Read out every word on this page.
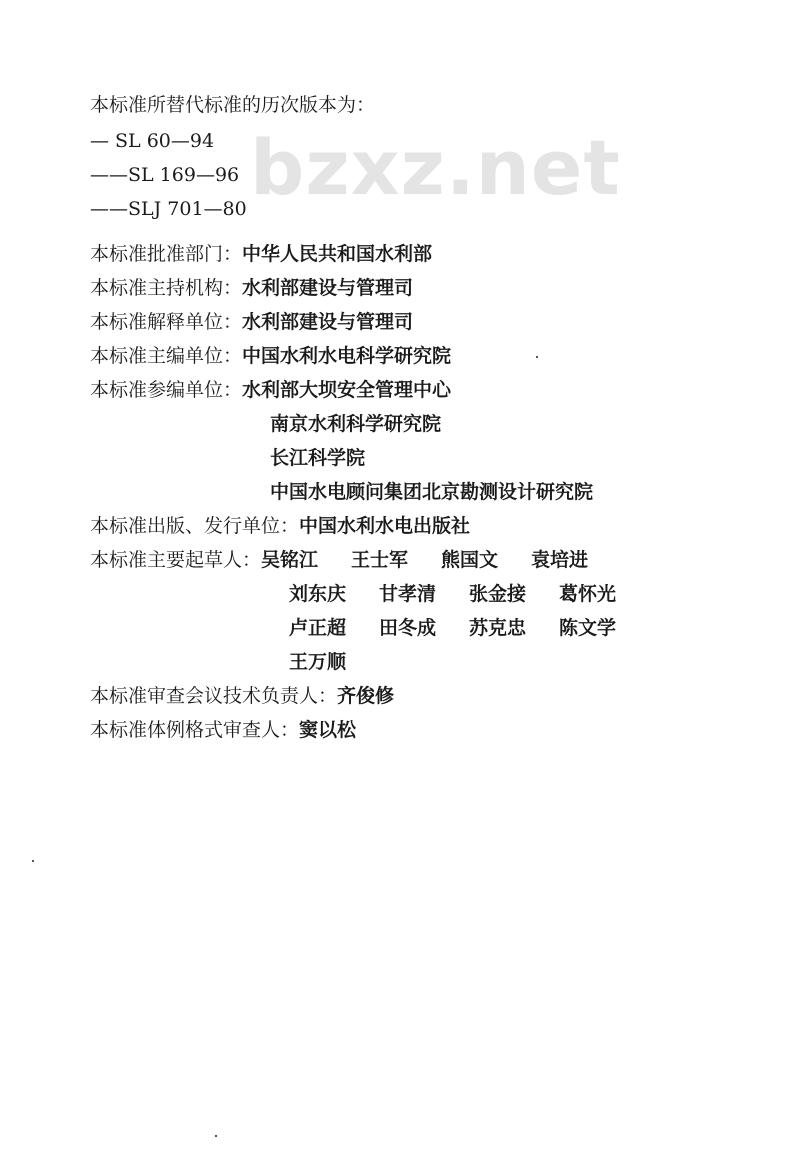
bzxz.net
本标准所替代标准的历次版本为：
— SL 60—94
——SL 169—96
——SLJ 701—80
本标准批准部门：中华人民共和国水利部
本标准主持机构：水利部建设与管理司
本标准解释单位：水利部建设与管理司
本标准主编单位：中国水利水电科学研究院
本标准参编单位：水利部大坝安全管理中心
南京水利科学研究院
长江科学院
中国水电顾问集团北京勘测设计研究院
本标准出版、发行单位：中国水利水电出版社
本标准主要起草人：吴铭江 王士军 熊国文 袁培进
刘东庆 甘孝清 张金接 葛怀光
卢正超 田冬成 苏克忠 陈文学
王万顺
本标准审查会议技术负责人：齐俊修
本标准体例格式审查人：窦以松
